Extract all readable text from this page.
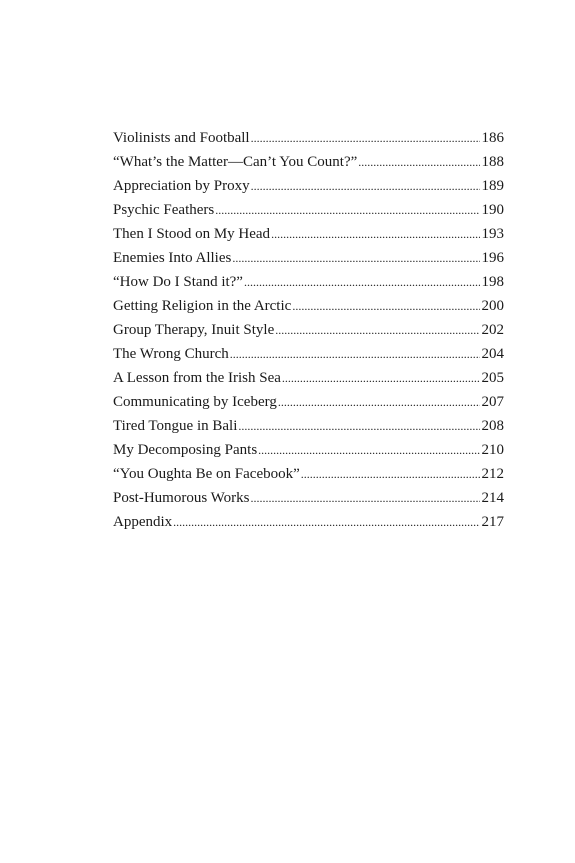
Violinists and Football .....	186
“What’s the Matter—Can’t You Count?” .....	188
Appreciation by Proxy .....	189
Psychic Feathers .....	190
Then I Stood on My Head .....	193
Enemies Into Allies .....	196
“How Do I Stand it?” .....	198
Getting Religion in the Arctic .....	200
Group Therapy, Inuit Style .....	202
The Wrong Church .....	204
A Lesson from the Irish Sea .....	205
Communicating by Iceberg .....	207
Tired Tongue in Bali .....	208
My Decomposing Pants .....	210
“You Oughta Be on Facebook” .....	212
Post-Humorous Works .....	214
Appendix .....	217
